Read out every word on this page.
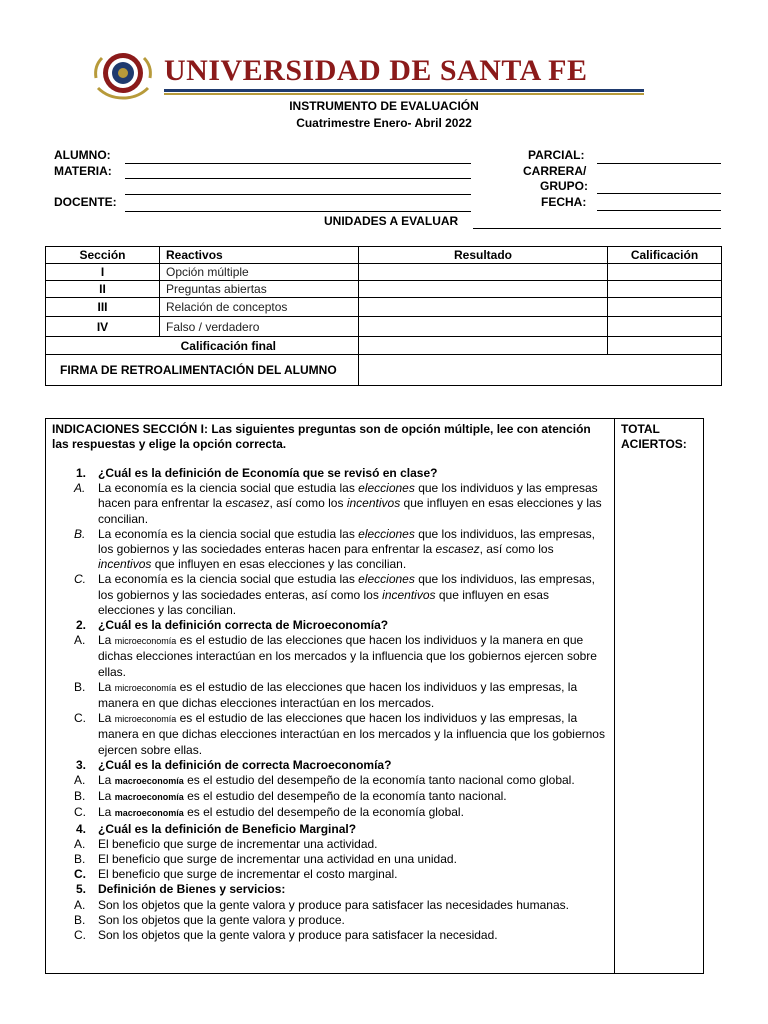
UNIVERSIDAD DE SANTA FE
INSTRUMENTO DE EVALUACIÓN
Cuatrimestre Enero- Abril 2022
ALUMNO:
MATERIA:
DOCENTE:
PARCIAL:
CARRERA/
GRUPO:
FECHA:
UNIDADES A EVALUAR
Sección	Reactivos	Resultado	Calificación
I	Opción múltiple		
II	Preguntas abiertas		
III	Relación de conceptos		
IV	Falso / verdadero		
Calificación final			
FIRMA DE RETROALIMENTACIÓN DEL ALUMNO			
INDICACIONES SECCIÓN I: Las siguientes preguntas son de opción múltiple, lee con atención las respuestas y elige la opción correcta.
TOTAL ACIERTOS:
1. ¿Cuál es la definición de Economía que se revisó en clase?
A. La economía es la ciencia social que estudia las elecciones que los individuos y las empresas hacen para enfrentar la escasez, así como los incentivos que influyen en esas elecciones y las concilian.
B. La economía es la ciencia social que estudia las elecciones que los individuos, las empresas, los gobiernos y las sociedades enteras hacen para enfrentar la escasez, así como los incentivos que influyen en esas elecciones y las concilian.
C. La economía es la ciencia social que estudia las elecciones que los individuos, las empresas, los gobiernos y las sociedades enteras, así como los incentivos que influyen en esas elecciones y las concilian.
2. ¿Cuál es la definición correcta de Microeconomía?
A. La microeconomía es el estudio de las elecciones que hacen los individuos y la manera en que dichas elecciones interactúan en los mercados y la influencia que los gobiernos ejercen sobre ellas.
B. La microeconomía es el estudio de las elecciones que hacen los individuos y las empresas, la manera en que dichas elecciones interactúan en los mercados.
C. La microeconomía es el estudio de las elecciones que hacen los individuos y las empresas, la manera en que dichas elecciones interactúan en los mercados y la influencia que los gobiernos ejercen sobre ellas.
3. ¿Cuál es la definición de correcta Macroeconomía?
A. La macroeconomía es el estudio del desempeño de la economía tanto nacional como global.
B. La macroeconomía es el estudio del desempeño de la economía tanto nacional.
C. La macroeconomía es el estudio del desempeño de la economía global.
4. ¿Cuál es la definición de Beneficio Marginal?
A. El beneficio que surge de incrementar una actividad.
B. El beneficio que surge de incrementar una actividad en una unidad.
C. El beneficio que surge de incrementar el costo marginal.
5. Definición de Bienes y servicios:
A. Son los objetos que la gente valora y produce para satisfacer las necesidades humanas.
B. Son los objetos que la gente valora y produce.
C. Son los objetos que la gente valora y produce para satisfacer la necesidad.
